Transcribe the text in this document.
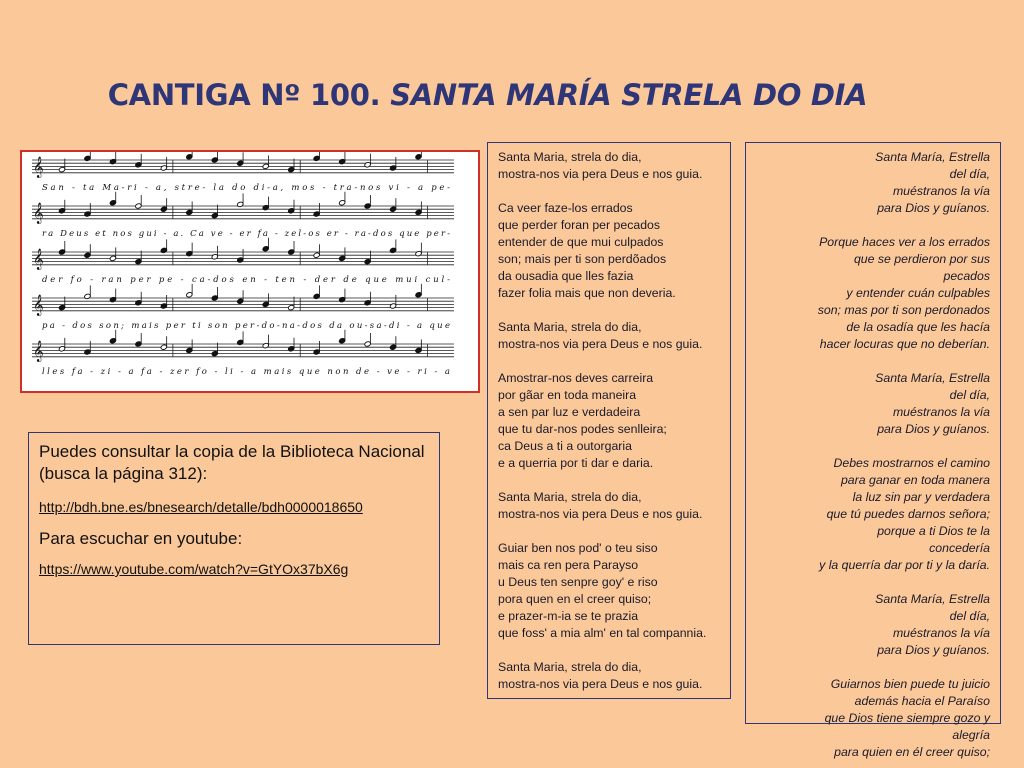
CANTIGA Nº 100. SANTA MARÍA STRELA DO DIA
𝄞
San - ta Ma-ri - a, stre- la do di-a, mos - tra-nos vi - a pe-
𝄞
ra Deus et nos gui - a. Ca ve - er fa - zel-os er - ra-dos que per-
𝄞
der fo - ran per pe - ca-dos en - ten - der de que mui cul-
𝄞
pa - dos son; mais per ti son per-do-na-dos da ou-sa-di - a que
𝄞
lles fa - zi - a fa - zer fo - li - a mais que non de - ve - ri - a

Puedes consultar la copia de la Biblioteca Nacional (busca la página 312):

http://bdh.bne.es/bnesearch/detalle/bdh0000018650
Para escuchar en youtube:
https://www.youtube.com/watch?v=GtYOx37bX6g
Santa Maria, strela do dia,
mostra-nos via pera Deus e nos guia.
Ca veer faze-los errados
que perder foran per pecados
entender de que mui culpados
son; mais per ti son perdõados
da ousadia que lles fazia
fazer folia mais que non deveria.
Santa Maria, strela do dia,
mostra-nos via pera Deus e nos guia.
Amostrar-nos deves carreira
por gãar en toda maneira
a sen par luz e verdadeira
que tu dar-nos podes senlleira;
ca Deus a ti a outorgaria
e a querria por ti dar e daria.
Santa Maria, strela do dia,
mostra-nos via pera Deus e nos guia.
Guiar ben nos pod' o teu siso
mais ca ren pera Parayso
u Deus ten senpre goy' e riso
pora quen en el creer quiso;
e prazer-m-ia se te prazia
que foss' a mia alm' en tal compannia.
Santa Maria, strela do dia,
mostra-nos via pera Deus e nos guia.
Santa María, Estrella
del día,
muéstranos la vía
para Dios y guíanos.
Porque haces ver a los errados
que se perdieron por sus
pecados
y entender cuán culpables
son; mas por ti son perdonados
de la osadía que les hacía
hacer locuras que no deberían.
Santa María, Estrella
del día,
muéstranos la vía
para Dios y guíanos.
Debes mostrarnos el camino
para ganar en toda manera
la luz sin par y verdadera
que tú puedes darnos señora;
porque a ti Dios te la
concedería
y la querría dar por ti y la daría.
Santa María, Estrella
del día,
muéstranos la vía
para Dios y guíanos.
Guiarnos bien puede tu juicio
además hacia el Paraíso
que Dios tiene siempre gozo y
alegría
para quien en él creer quiso;
